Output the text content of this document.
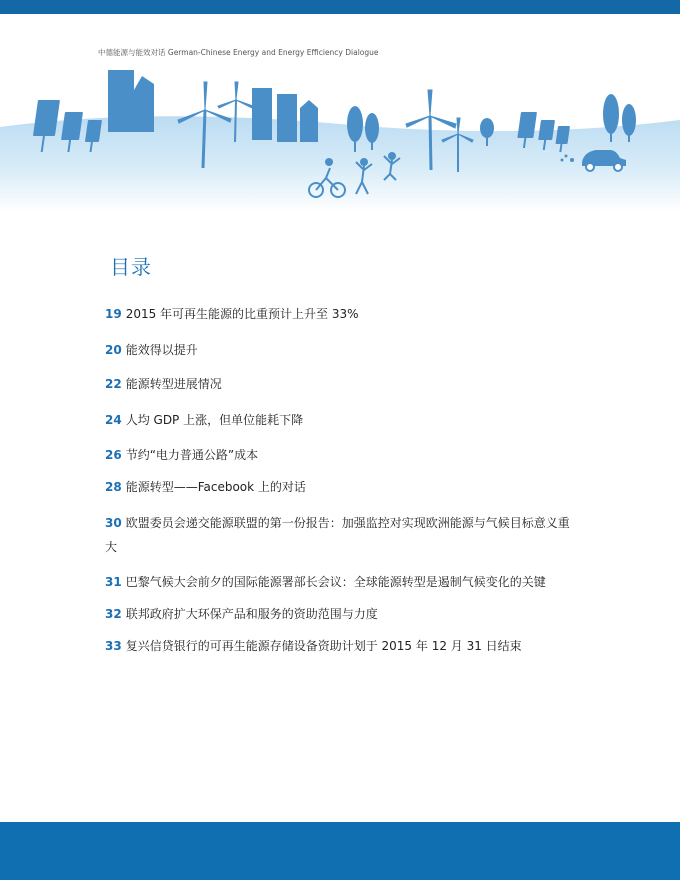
中德能源与能效对话 German-Chinese Energy and Energy Efficiency Dialogue
目录
19 2015 年可再生能源的比重预计上升至 33%
20 能效得以提升
22 能源转型进展情况
24 人均 GDP 上涨，但单位能耗下降
26 节约“电力普通公路”成本
28 能源转型——Facebook 上的对话
30 欧盟委员会递交能源联盟的第一份报告：加强监控对实现欧洲能源与气候目标意义重大
31 巴黎气候大会前夕的国际能源署部长会议：全球能源转型是遏制气候变化的关键
32 联邦政府扩大环保产品和服务的资助范围与力度
33 复兴信贷银行的可再生能源存储设备资助计划于 2015 年 12 月 31 日结束
